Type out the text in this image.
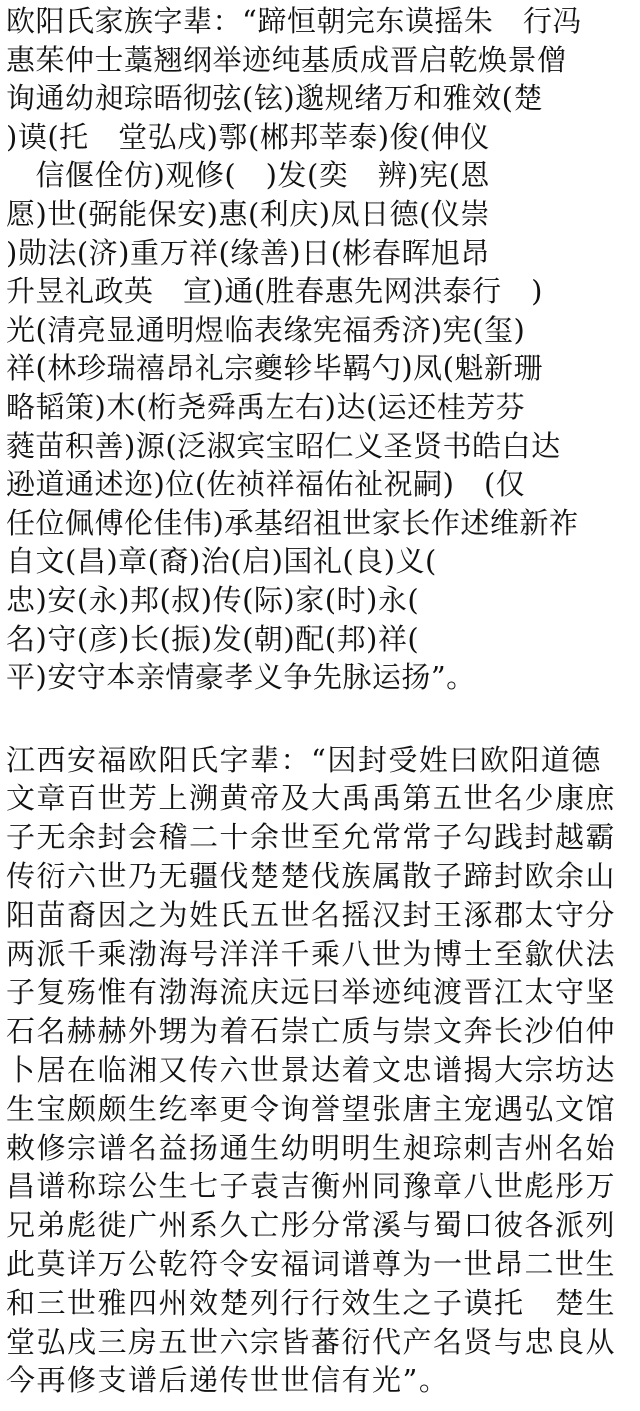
欧阳氏家族字辈：“蹄恒朝完东谟摇朱　行冯
惠茱仲士藁翘纲举迹纯基质成晋启乾焕景僧
询通幼昶琮晤彻弦(铉)邈规绪万和雅效(楚
)谟(托　堂弘戌)鄠(郴邦莘泰)俊(伸仪
　信偃佺仿)观修(　)发(奕　辨)宪(恩
愿)世(弼能保安)惠(利庆)凤日德(仪崇
)勋法(济)重万祥(缘善)日(彬春晖旭昂
升昱礼政英　宣)通(胜春惠先网洪泰行　)
光(清亮显通明煜临表缘宪福秀济)宪(玺)
祥(林珍瑞禧昂礼宗夔轸毕羁勺)凤(魁新珊
略韬策)木(桁尧舜禹左右)达(运还桂芳芬
蕤苗积善)源(泛淑宾宝昭仁义圣贤书皓白达
逊道通述迩)位(佐祯祥福佑祉祝嗣)　(仅
任位佩傅伦佳伟)承基绍祖世家长作述维新祚
自文(昌)章(裔)治(启)国礼(良)义(
忠)安(永)邦(叔)传(际)家(时)永(
名)守(彦)长(振)发(朝)配(邦)祥(
平)安守本亲情豪孝义争先脉运扬”。
江西安福欧阳氏字辈：“因封受姓曰欧阳道德
文章百世芳上溯黄帝及大禹禹第五世名少康庶
子无余封会稽二十余世至允常常子勾践封越霸
传衍六世乃无疆伐楚楚伐族属散子蹄封欧余山
阳苗裔因之为姓氏五世名摇汉封王涿郡太守分
两派千乘渤海号洋洋千乘八世为博士至歙伏法
子复殇惟有渤海流庆远曰举迹纯渡晋江太守坚
石名赫赫外甥为着石崇亡质与崇文奔长沙伯仲
卜居在临湘又传六世景达着文忠谱揭大宗坊达
生宝颇颇生纥率更令询誉望张唐主宠遇弘文馆
敕修宗谱名益扬通生幼明明生昶琮刺吉州名始
昌谱称琮公生七子袁吉衡州同豫章八世彪彤万
兄弟彪徙广州系久亡彤分常溪与蜀口彼各派列
此莫详万公乾符令安福词谱尊为一世昂二世生
和三世雅四州效楚列行行效生之子谟托　楚生
堂弘戌三房五世六宗皆蕃衍代产名贤与忠良从
今再修支谱后递传世世信有光”。
